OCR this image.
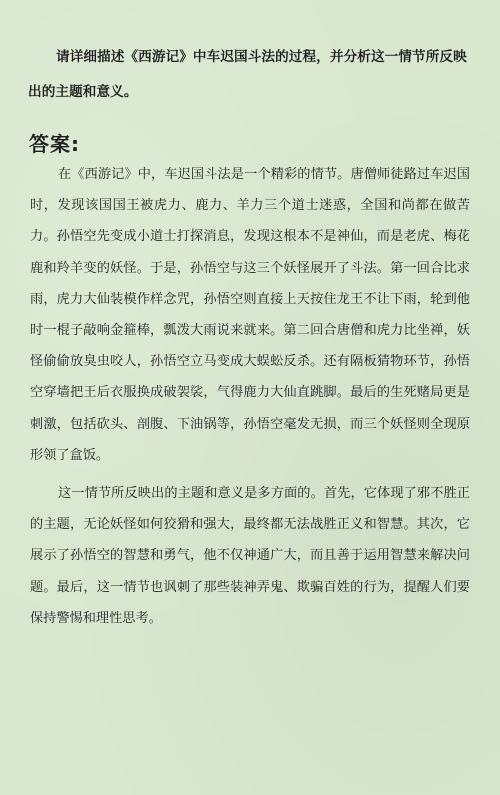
请详细描述《西游记》中车迟国斗法的过程，并分析这一情节所反映出的主题和意义。

答案:

在《西游记》中，车迟国斗法是一个精彩的情节。唐僧师徒路过车迟国时，发现该国国王被虎力、鹿力、羊力三个道士迷惑，全国和尚都在做苦力。孙悟空先变成小道士打探消息，发现这根本不是神仙，而是老虎、梅花鹿和羚羊变的妖怪。于是，孙悟空与这三个妖怪展开了斗法。第一回合比求雨，虎力大仙装模作样念咒，孙悟空则直接上天按住龙王不让下雨，轮到他时一棍子敲响金箍棒，瓢泼大雨说来就来。第二回合唐僧和虎力比坐禅，妖怪偷偷放臭虫咬人，孙悟空立马变成大蜈蚣反杀。还有隔板猜物环节，孙悟空穿墙把王后衣服换成破袈裟，气得鹿力大仙直跳脚。最后的生死赌局更是刺激，包括砍头、剖腹、下油锅等，孙悟空毫发无损，而三个妖怪则全现原形领了盒饭。

这一情节所反映出的主题和意义是多方面的。首先，它体现了邪不胜正的主题，无论妖怪如何狡猾和强大，最终都无法战胜正义和智慧。其次，它展示了孙悟空的智慧和勇气，他不仅神通广大，而且善于运用智慧来解决问题。最后，这一情节也讽刺了那些装神弄鬼、欺骗百姓的行为，提醒人们要保持警惕和理性思考。
